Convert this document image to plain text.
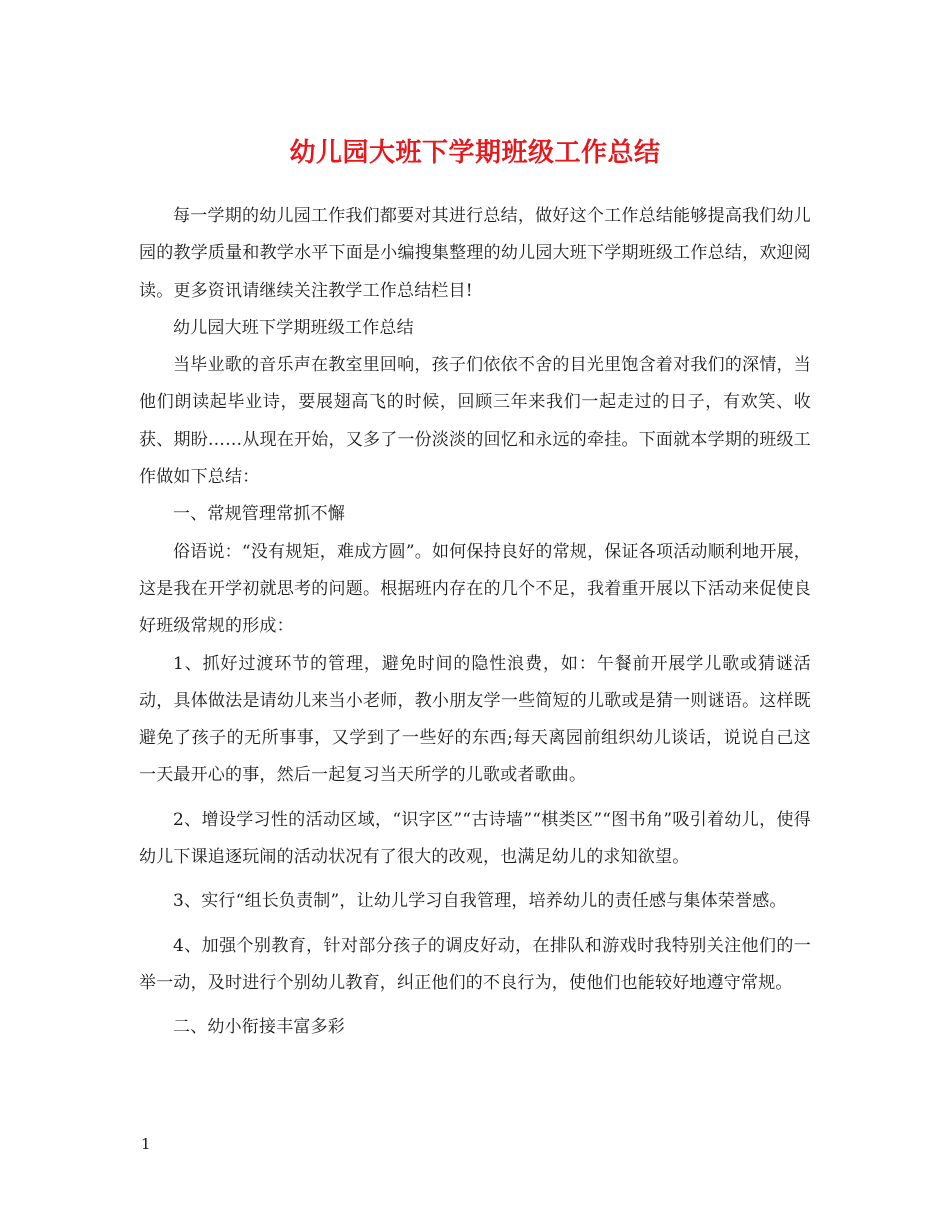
幼儿园大班下学期班级工作总结

每一学期的幼儿园工作我们都要对其进行总结，做好这个工作总结能够提高我们幼儿园的教学质量和教学水平下面是小编搜集整理的幼儿园大班下学期班级工作总结，欢迎阅读。更多资讯请继续关注教学工作总结栏目!

幼儿园大班下学期班级工作总结

当毕业歌的音乐声在教室里回响，孩子们依依不舍的目光里饱含着对我们的深情，当他们朗读起毕业诗，要展翅高飞的时候，回顾三年来我们一起走过的日子，有欢笑、收获、期盼……从现在开始，又多了一份淡淡的回忆和永远的牵挂。下面就本学期的班级工作做如下总结：

一、常规管理常抓不懈

俗语说：“没有规矩，难成方圆”。如何保持良好的常规，保证各项活动顺利地开展，这是我在开学初就思考的问题。根据班内存在的几个不足，我着重开展以下活动来促使良好班级常规的形成：

1、抓好过渡环节的管理，避免时间的隐性浪费，如：午餐前开展学儿歌或猜谜活动，具体做法是请幼儿来当小老师，教小朋友学一些简短的儿歌或是猜一则谜语。这样既避免了孩子的无所事事，又学到了一些好的东西;每天离园前组织幼儿谈话，说说自己这一天最开心的事，然后一起复习当天所学的儿歌或者歌曲。

2、增设学习性的活动区域，“识字区”“古诗墙”“棋类区”“图书角”吸引着幼儿，使得幼儿下课追逐玩闹的活动状况有了很大的改观，也满足幼儿的求知欲望。

3、实行“组长负责制”，让幼儿学习自我管理，培养幼儿的责任感与集体荣誉感。

4、加强个别教育，针对部分孩子的调皮好动，在排队和游戏时我特别关注他们的一举一动，及时进行个别幼儿教育，纠正他们的不良行为，使他们也能较好地遵守常规。

二、幼小衔接丰富多彩

1
